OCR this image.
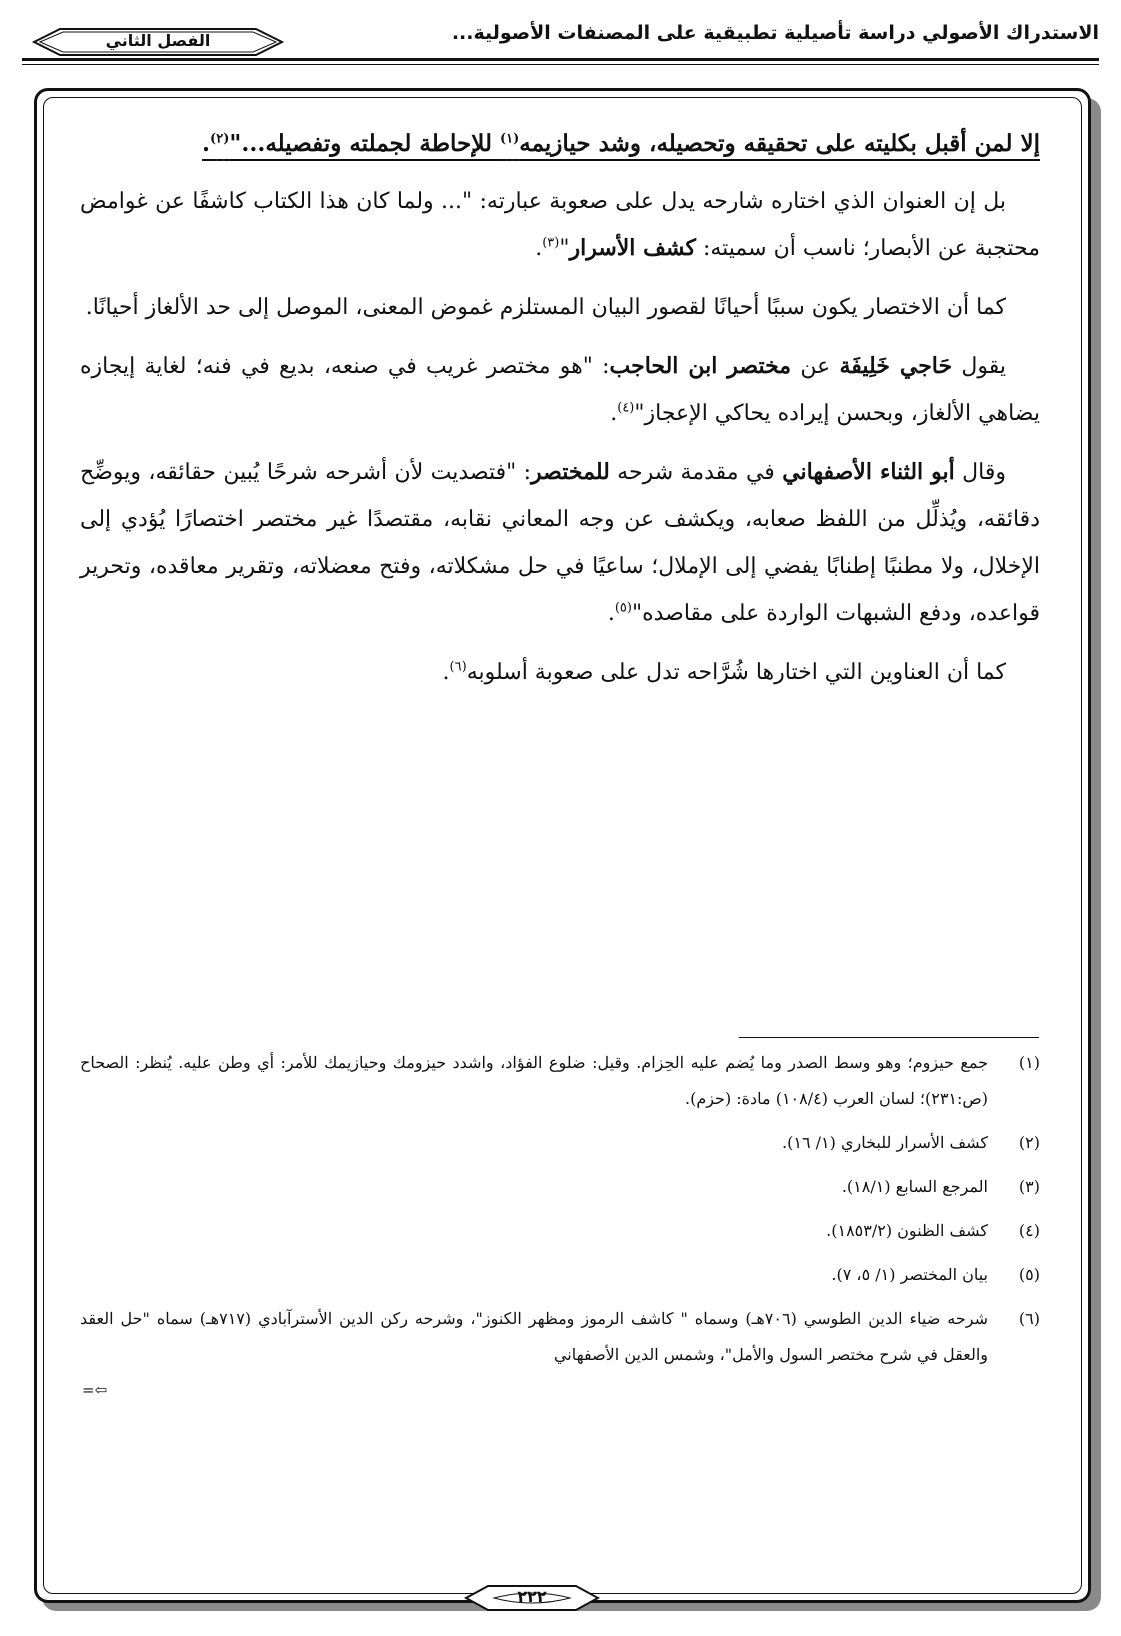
الاستدراك الأصولي دراسة تأصيلية تطبيقية على المصنفات الأصولية...
الفصل الثاني
إلا لمن أقبل بكليته على تحقيقه وتحصيله، وشد حيازيمه$^{(١)}$ للإحاطة لجملته وتفصيله..."$^{(٢)}$.

بل إن العنوان الذي اختاره شارحه يدل على صعوبة عبارته: "... ولما كان هذا الكتاب كاشفًا عن غوامض محتجبة عن الأبصار؛ ناسب أن سميته: كشف الأسرار"$^{(٣)}$.

كما أن الاختصار يكون سببًا أحيانًا لقصور البيان المستلزم غموض المعنى، الموصل إلى حد الألغاز أحيانًا.

يقول حَاجي خَلِيفَة عن مختصر ابن الحاجب: "هو مختصر غريب في صنعه، بديع في فنه؛ لغاية إيجازه يضاهي الألغاز، وبحسن إيراده يحاكي الإعجاز"$^{(٤)}$.

وقال أبو الثناء الأصفهاني في مقدمة شرحه للمختصر: "فتصديت لأن أشرحه شرحًا يُبين حقائقه، ويوضِّح دقائقه، ويُذلِّل من اللفظ صعابه، ويكشف عن وجه المعاني نقابه، مقتصدًا غير مختصر اختصارًا يُؤدي إلى الإخلال، ولا مطنبًا إطنابًا يفضي إلى الإملال؛ ساعيًا في حل مشكلاته، وفتح معضلاته، وتقرير معاقده، وتحرير قواعده، ودفع الشبهات الواردة على مقاصده"$^{(٥)}$.

كما أن العناوين التي اختارها شُرَّاحه تدل على صعوبة أسلوبه$^{(٦)}$.

(١)
جمع حيزوم؛ وهو وسط الصدر وما يُضم عليه الحِزام. وقيل: ضلوع الفؤاد، واشدد حيزومك وحيازيمك للأمر: أي وطن عليه. يُنظر: الصحاح (ص:٢٣١)؛ لسان العرب (١٠٨/٤) مادة: (حزم).
(٢)
كشف الأسرار للبخاري (١/ ١٦).
(٣)
المرجع السابع (١٨/١).
(٤)
كشف الظنون (١٨٥٣/٢).
(٥)
بيان المختصر (١/ ٥، ٧).
(٦)
شرحه ضياء الدين الطوسي (٧٠٦هـ) وسماه " كاشف الرموز ومظهر الكنوز"، وشرحه ركن الدين الأسترآبادي (٧١٧هـ) سماه "حل العقد والعقل في شرح مختصر السول والأمل"، وشمس الدين الأصفهاني
=⇦
٢٢٢
